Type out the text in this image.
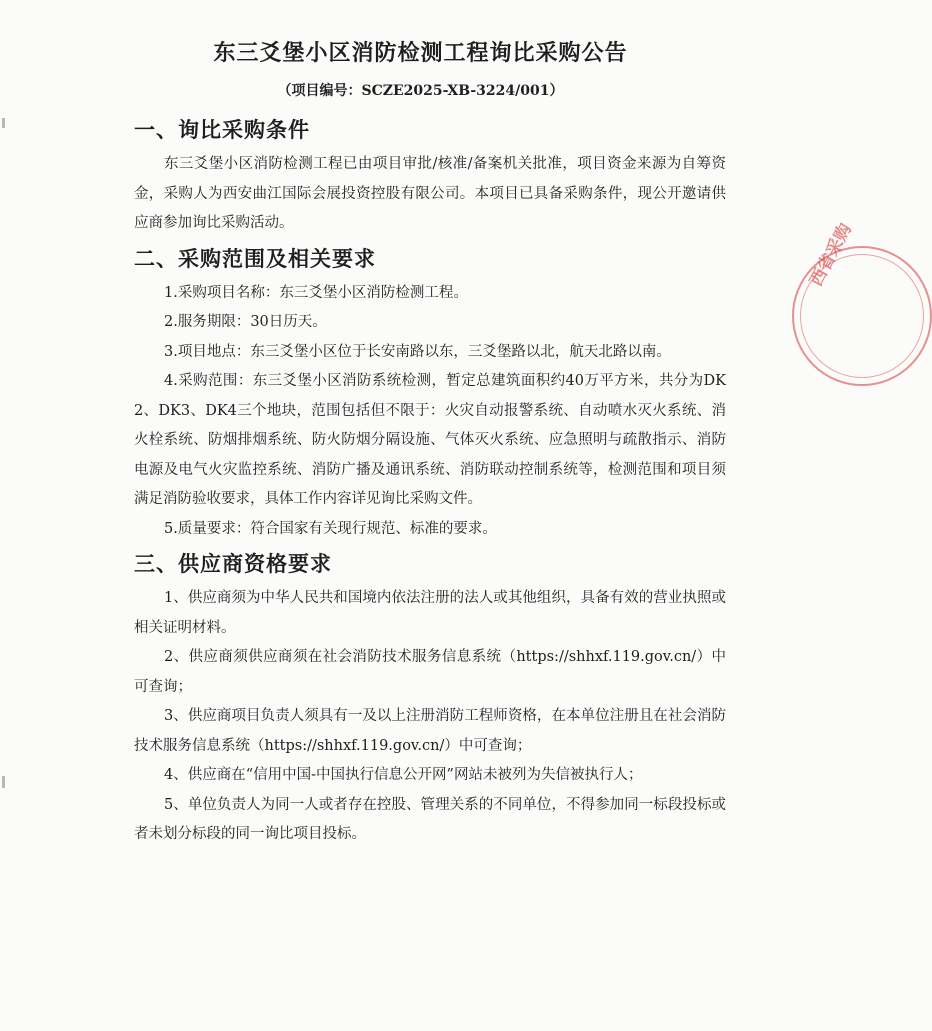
东三爻堡小区消防检测工程询比采购公告
（项目编号：SCZE2025-XB-3224/001）
一、询比采购条件

东三爻堡小区消防检测工程已由项目审批/核准/备案机关批准，项目资金来源为自筹资金，采购人为西安曲江国际会展投资控股有限公司。本项目已具备采购条件，现公开邀请供应商参加询比采购活动。

二、采购范围及相关要求

1.采购项目名称：东三爻堡小区消防检测工程。

2.服务期限：30日历天。

3.项目地点：东三爻堡小区位于长安南路以东，三爻堡路以北，航天北路以南。

4.采购范围：东三爻堡小区消防系统检测，暂定总建筑面积约40万平方米，共分为DK2、DK3、DK4三个地块，范围包括但不限于：火灾自动报警系统、自动喷水灭火系统、消火栓系统、防烟排烟系统、防火防烟分隔设施、气体灭火系统、应急照明与疏散指示、消防电源及电气火灾监控系统、消防广播及通讯系统、消防联动控制系统等，检测范围和项目须满足消防验收要求，具体工作内容详见询比采购文件。

5.质量要求：符合国家有关现行规范、标准的要求。

三、供应商资格要求

1、供应商须为中华人民共和国境内依法注册的法人或其他组织，具备有效的营业执照或相关证明材料。

2、供应商须供应商须在社会消防技术服务信息系统（https://shhxf.119.gov.cn/）中可查询；

3、供应商项目负责人须具有一及以上注册消防工程师资格，在本单位注册且在社会消防技术服务信息系统（https://shhxf.119.gov.cn/）中可查询；

4、供应商在“信用中国-中国执行信息公开网”网站未被列为失信被执行人；

5、单位负责人为同一人或者存在控股、管理关系的不同单位，不得参加同一标段投标或者未划分标段的同一询比项目投标。

西省采购
